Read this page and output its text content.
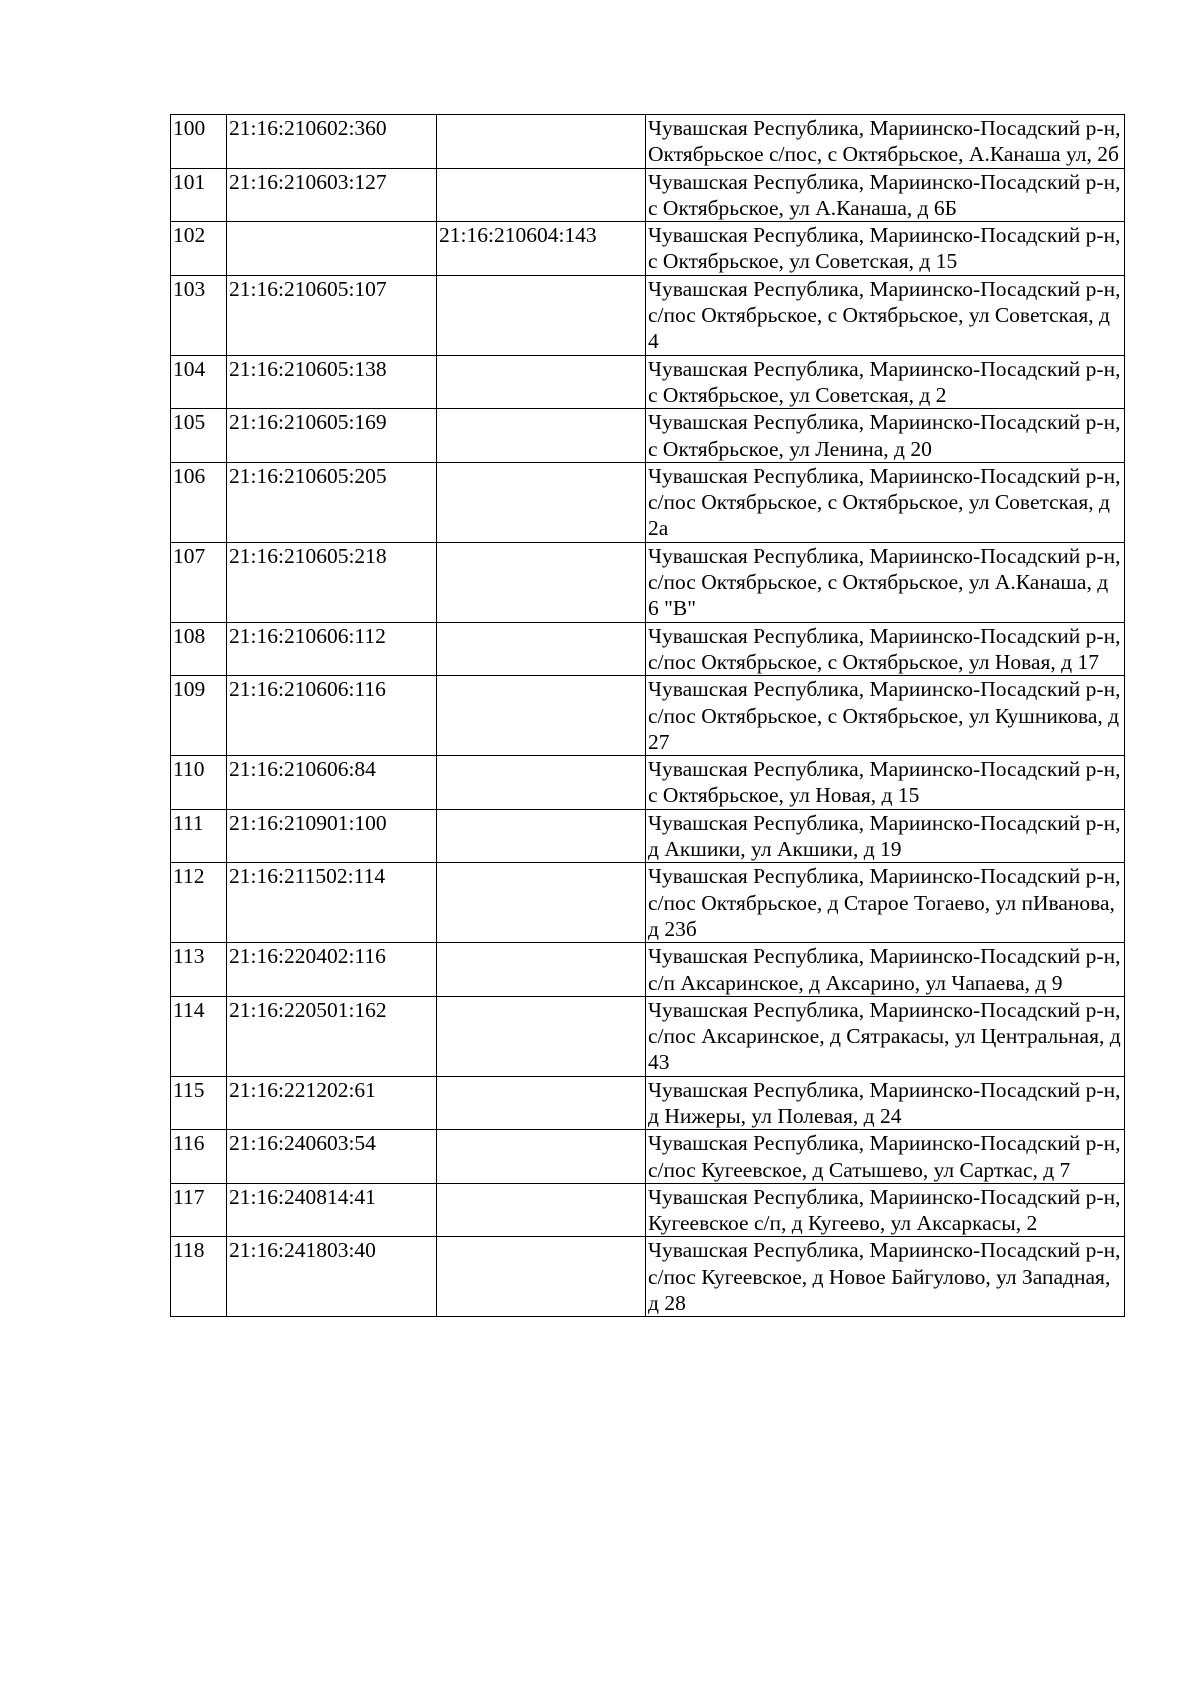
100	21:16:210602:360		Чувашская Республика, Мариинско-Посадский р-н, Октябрьское с/пос, с Октябрьское, А.Канаша ул, 2б
101	21:16:210603:127		Чувашская Республика, Мариинско-Посадский р-н, с Октябрьское, ул А.Канаша, д 6Б
102		21:16:210604:143	Чувашская Республика, Мариинско-Посадский р-н, с Октябрьское, ул Советская, д 15
103	21:16:210605:107		Чувашская Республика, Мариинско-Посадский р-н, с/пос Октябрьское, с Октябрьское, ул Советская, д 4
104	21:16:210605:138		Чувашская Республика, Мариинско-Посадский р-н, с Октябрьское, ул Советская, д 2
105	21:16:210605:169		Чувашская Республика, Мариинско-Посадский р-н, с Октябрьское, ул Ленина, д 20
106	21:16:210605:205		Чувашская Республика, Мариинско-Посадский р-н, с/пос Октябрьское, с Октябрьское, ул Советская, д 2а
107	21:16:210605:218		Чувашская Республика, Мариинско-Посадский р-н, с/пос Октябрьское, с Октябрьское, ул А.Канаша, д 6 "В"
108	21:16:210606:112		Чувашская Республика, Мариинско-Посадский р-н, с/пос Октябрьское, с Октябрьское, ул Новая, д 17
109	21:16:210606:116		Чувашская Республика, Мариинско-Посадский р-н, с/пос Октябрьское, с Октябрьское, ул Кушникова, д 27
110	21:16:210606:84		Чувашская Республика, Мариинско-Посадский р-н, с Октябрьское, ул Новая, д 15
111	21:16:210901:100		Чувашская Республика, Мариинско-Посадский р-н, д Акшики, ул Акшики, д 19
112	21:16:211502:114		Чувашская Республика, Мариинско-Посадский р-н, с/пос Октябрьское, д Старое Тогаево, ул пИванова, д 23б
113	21:16:220402:116		Чувашская Республика, Мариинско-Посадский р-н, с/п Аксаринское, д Аксарино, ул Чапаева, д 9
114	21:16:220501:162		Чувашская Республика, Мариинско-Посадский р-н, с/пос Аксаринское, д Сятракасы, ул Центральная, д 43
115	21:16:221202:61		Чувашская Республика, Мариинско-Посадский р-н, д Нижеры, ул Полевая, д 24
116	21:16:240603:54		Чувашская Республика, Мариинско-Посадский р-н, с/пос Кугеевское, д Сатышево, ул Сарткас, д 7
117	21:16:240814:41		Чувашская Республика, Мариинско-Посадский р-н, Кугеевское с/п, д Кугеево, ул Аксаркасы, 2
118	21:16:241803:40		Чувашская Республика, Мариинско-Посадский р-н, с/пос Кугеевское, д Новое Байгулово, ул Западная, д 28
